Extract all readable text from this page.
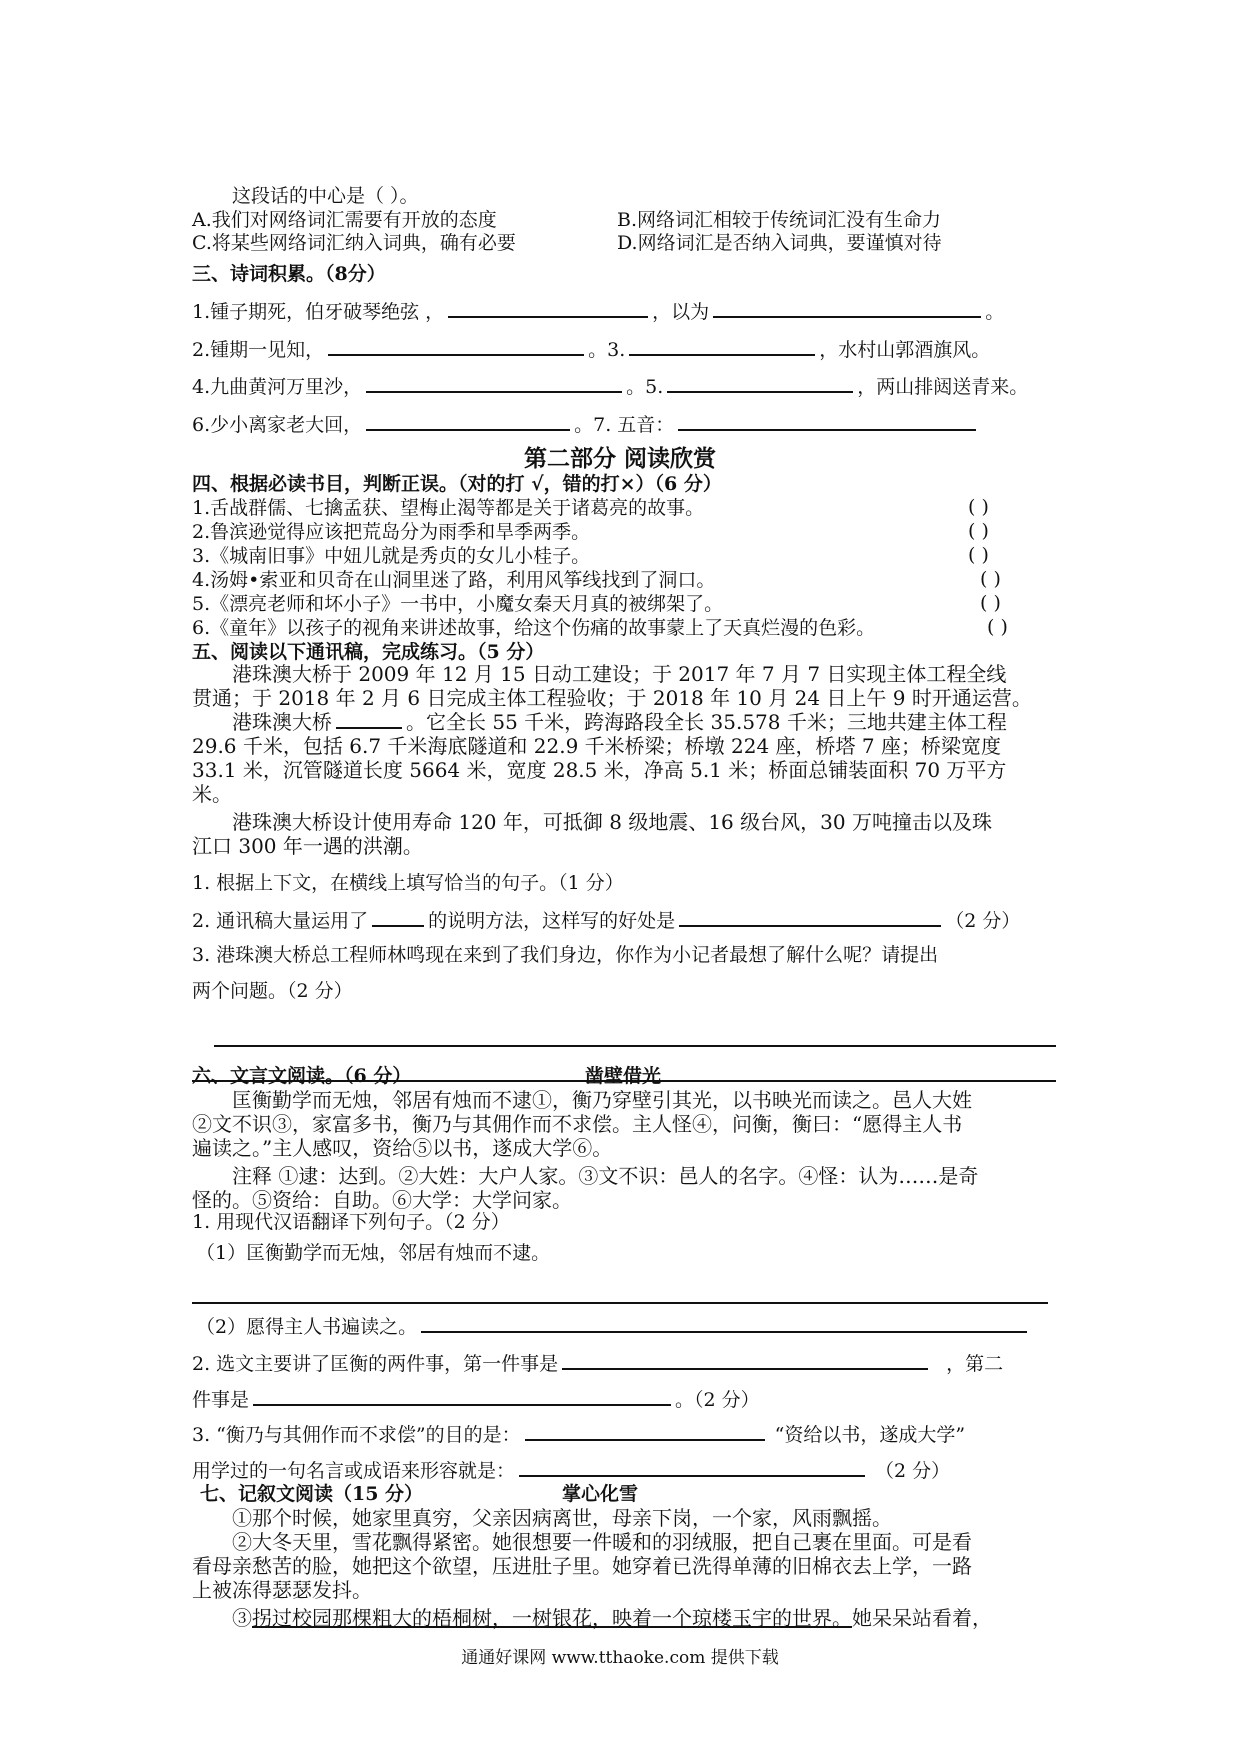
这段话的中心是（ ）。
A.我们对网络词汇需要有开放的态度	B.网络词汇相较于传统词汇没有生命力
C.将某些网络词汇纳入词典，确有必要	D.网络词汇是否纳入词典，要谨慎对待
三、诗词积累。（8分）
1.锺子期死，伯牙破琴绝弦 ，	，以为	。
2.锺期一见知，	。3.	，水村山郭酒旗风。
4.九曲黄河万里沙，	。5.	，两山排闼送青来。
6.少小离家老大回，	。7. 五音：
第二部分 阅读欣赏
四、根据必读书目，判断正误。（对的打 √，错的打×）（6 分）
1.舌战群儒、七擒孟获、望梅止渴等都是关于诸葛亮的故事。	( )
2.鲁滨逊觉得应该把荒岛分为雨季和旱季两季。	( )
3.《城南旧事》中妞儿就是秀贞的女儿小桂子。	( )
4.汤姆•索亚和贝奇在山洞里迷了路，利用风筝线找到了洞口。	( )
5.《漂亮老师和坏小子》一书中，小魔女秦天月真的被绑架了。	( )
6.《童年》以孩子的视角来讲述故事，给这个伤痛的故事蒙上了天真烂漫的色彩。	( )
五、阅读以下通讯稿，完成练习。（5 分）
港珠澳大桥于 2009 年 12 月 15 日动工建设；于 2017 年 7 月 7 日实现主体工程全线
贯通；于 2018 年 2 月 6 日完成主体工程验收；于 2018 年 10 月 24 日上午 9 时开通运营。
港珠澳大桥	。它全长 55 千米，跨海路段全长 35.578 千米；三地共建主体工程
29.6 千米，包括 6.7 千米海底隧道和 22.9 千米桥梁；桥墩 224 座，桥塔 7 座；桥梁宽度
33.1 米，沉管隧道长度 5664 米，宽度 28.5 米，净高 5.1 米；桥面总铺装面积 70 万平方
米。
港珠澳大桥设计使用寿命 120 年，可抵御 8 级地震、16 级台风，30 万吨撞击以及珠
江口 300 年一遇的洪潮。
1. 根据上下文，在横线上填写恰当的句子。（1 分）
2. 通讯稿大量运用了	的说明方法，这样写的好处是	（2 分）
3. 港珠澳大桥总工程师林鸣现在来到了我们身边，你作为小记者最想了解什么呢？请提出
两个问题。（2 分）
六、文言文阅读。（6 分）	凿壁借光
匡衡勤学而无烛，邻居有烛而不逮①，衡乃穿壁引其光，以书映光而读之。邑人大姓
②文不识③，家富多书，衡乃与其佣作而不求偿。主人怪④，问衡，衡曰：“愿得主人书
遍读之。”主人感叹，资给⑤以书，遂成大学⑥。
注释 ①逮：达到。②大姓：大户人家。③文不识：邑人的名字。④怪：认为……是奇
怪的。⑤资给：自助。⑥大学：大学问家。
1. 用现代汉语翻译下列句子。（2 分）
（1）匡衡勤学而无烛，邻居有烛而不逮。
（2）愿得主人书遍读之。
2. 选文主要讲了匡衡的两件事，第一件事是	，第二
件事是	。（2 分）
3. “衡乃与其佣作而不求偿”的目的是：	“资给以书，遂成大学”
用学过的一句名言或成语来形容就是：	（2 分）
七、记叙文阅读（15 分）	掌心化雪
①那个时候，她家里真穷，父亲因病离世，母亲下岗，一个家，风雨飘摇。
②大冬天里，雪花飘得紧密。她很想要一件暖和的羽绒服，把自己裹在里面。可是看
看母亲愁苦的脸，她把这个欲望，压进肚子里。她穿着已洗得单薄的旧棉衣去上学，一路
上被冻得瑟瑟发抖。
③拐过校园那棵粗大的梧桐树，一树银花，映着一个琼楼玉宇的世界。她呆呆站看着，
通通好课网 www.tthaoke.com 提供下载
